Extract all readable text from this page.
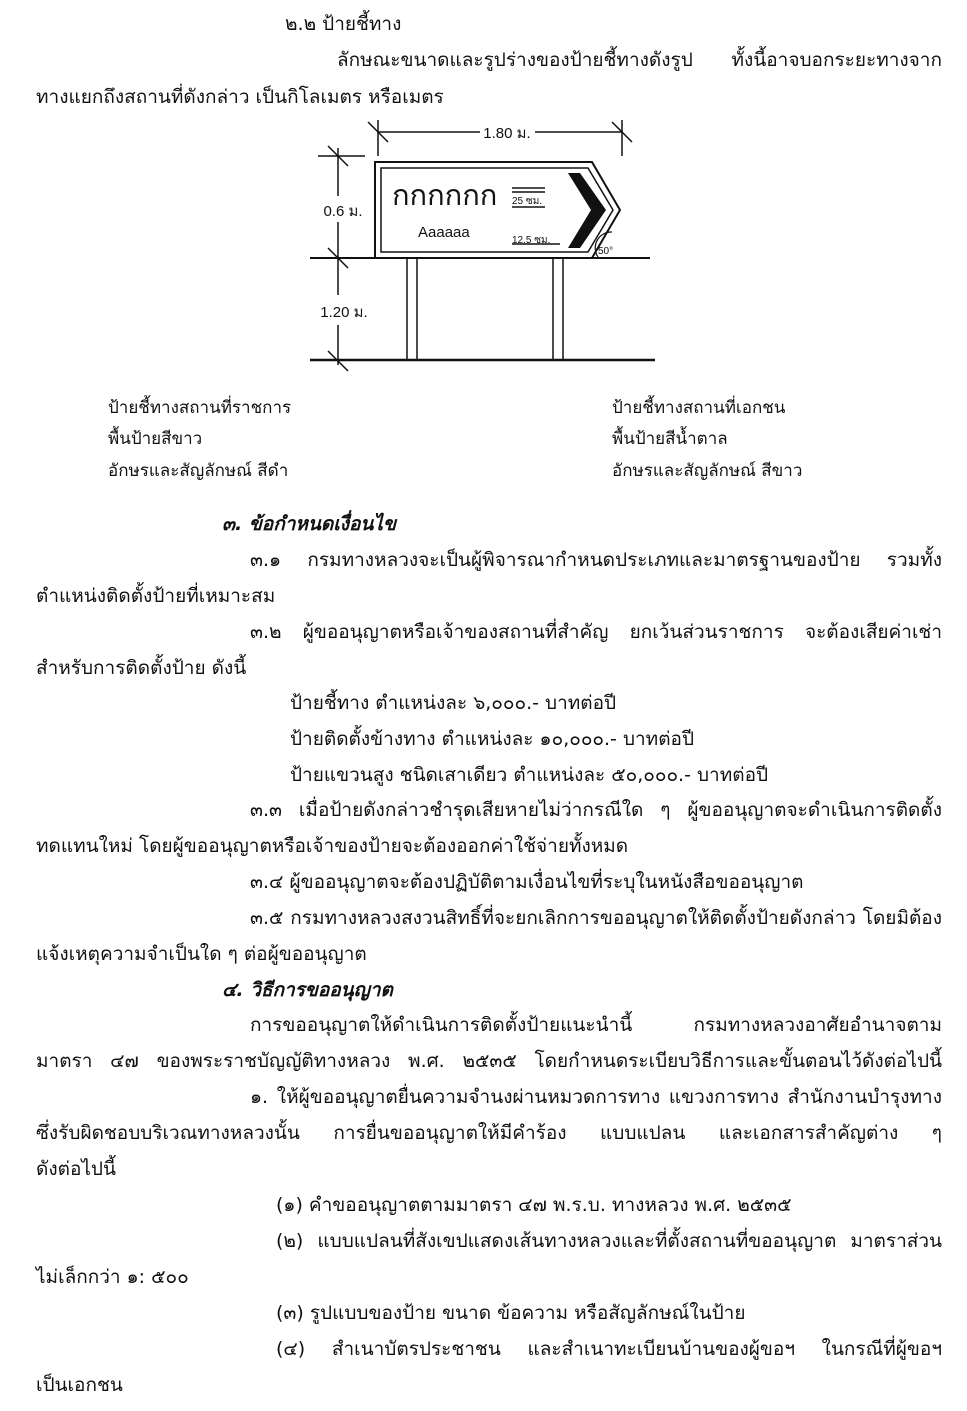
๒.๒ ป้ายชี้ทาง
ลักษณะขนาดและรูปร่างของป้ายชี้ทางดังรูป ทั้งนี้อาจบอกระยะทางจาก
ทางแยกถึงสถานที่ดังกล่าว เป็นกิโลเมตร หรือเมตร
1.80 ม.
0.6 ม.
1.20 ม.
กกกกกก
Aaaaaa
25 ซม.
12.5 ซม.
50°
ป้ายชี้ทางสถานที่ราชการ
พื้นป้ายสีขาว
อักษรและสัญลักษณ์ สีดำ
ป้ายชี้ทางสถานที่เอกชน
พื้นป้ายสีน้ำตาล
อักษรและสัญลักษณ์ สีขาว
๓. ข้อกำหนดเงื่อนไข
๓.๑ กรมทางหลวงจะเป็นผู้พิจารณากำหนดประเภทและมาตรฐานของป้าย รวมทั้ง
ตำแหน่งติดตั้งป้ายที่เหมาะสม
๓.๒ ผู้ขออนุญาตหรือเจ้าของสถานที่สำคัญ ยกเว้นส่วนราชการ จะต้องเสียค่าเช่า
สำหรับการติดตั้งป้าย ดังนี้
ป้ายชี้ทาง ตำแหน่งละ ๖,๐๐๐.- บาทต่อปี
ป้ายติดตั้งข้างทาง ตำแหน่งละ ๑๐,๐๐๐.- บาทต่อปี
ป้ายแขวนสูง ชนิดเสาเดียว ตำแหน่งละ ๕๐,๐๐๐.- บาทต่อปี
๓.๓ เมื่อป้ายดังกล่าวชำรุดเสียหายไม่ว่ากรณีใด ๆ ผู้ขออนุญาตจะดำเนินการติดตั้ง
ทดแทนใหม่ โดยผู้ขออนุญาตหรือเจ้าของป้ายจะต้องออกค่าใช้จ่ายทั้งหมด
๓.๔ ผู้ขออนุญาตจะต้องปฏิบัติตามเงื่อนไขที่ระบุในหนังสือขออนุญาต
๓.๕ กรมทางหลวงสงวนสิทธิ์ที่จะยกเลิกการขออนุญาตให้ติดตั้งป้ายดังกล่าว โดยมิต้อง
แจ้งเหตุความจำเป็นใด ๆ ต่อผู้ขออนุญาต
๔. วิธีการขออนุญาต
การขออนุญาตให้ดำเนินการติดตั้งป้ายแนะนำนี้ กรมทางหลวงอาศัยอำนาจตาม
มาตรา ๔๗ ของพระราชบัญญัติทางหลวง พ.ศ. ๒๕๓๕ โดยกำหนดระเบียบวิธีการและขั้นตอนไว้ดังต่อไปนี้
๑. ให้ผู้ขออนุญาตยื่นความจำนงผ่านหมวดการทาง แขวงการทาง สำนักงานบำรุงทาง
ซึ่งรับผิดชอบบริเวณทางหลวงนั้น การยื่นขออนุญาตให้มีคำร้อง แบบแปลน และเอกสารสำคัญต่าง ๆ
ดังต่อไปนี้
(๑) คำขออนุญาตตามมาตรา ๔๗ พ.ร.บ. ทางหลวง พ.ศ. ๒๕๓๕
(๒) แบบแปลนที่สังเขปแสดงเส้นทางหลวงและที่ตั้งสถานที่ขออนุญาต มาตราส่วน
ไม่เล็กกว่า ๑: ๕๐๐
(๓) รูปแบบของป้าย ขนาด ข้อความ หรือสัญลักษณ์ในป้าย
(๔) สำเนาบัตรประชาชน และสำเนาทะเบียนบ้านของผู้ขอฯ ในกรณีที่ผู้ขอฯ
เป็นเอกชน
